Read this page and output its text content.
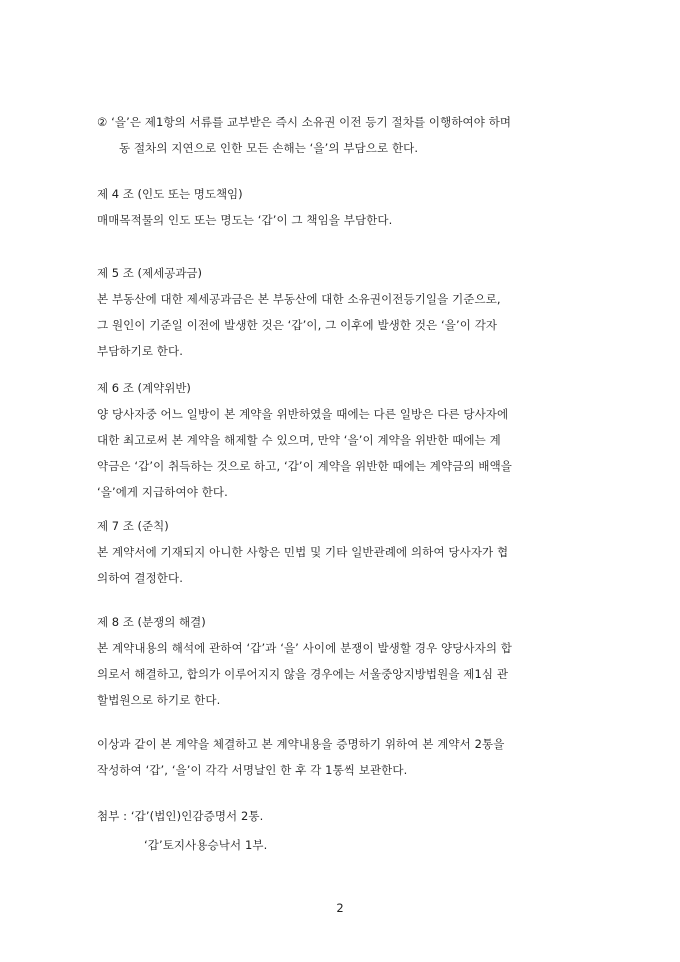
② ‘을’은 제1항의 서류를 교부받은 즉시 소유권 이전 등기 절차를 이행하여야 하며
동 절차의 지연으로 인한 모든 손해는 ‘을’의 부담으로 한다.
제 4 조 (인도 또는 명도책임)
매매목적물의 인도 또는 명도는 ‘갑’이 그 책임을 부담한다.
제 5 조 (제세공과금)
본 부동산에 대한 제세공과금은 본 부동산에 대한 소유권이전등기일을 기준으로,
그 원인이 기준일 이전에 발생한 것은 ‘갑’이, 그 이후에 발생한 것은 ‘을’이 각자
부담하기로 한다.
제 6 조 (계약위반)
양 당사자중 어느 일방이 본 계약을 위반하였을 때에는 다른 일방은 다른 당사자에
대한 최고로써 본 계약을 해제할 수 있으며, 만약 ‘을’이 계약을 위반한 때에는 계
약금은 ‘갑’이 취득하는 것으로 하고, ‘갑’이 계약을 위반한 때에는 계약금의 배액을
‘을’에게 지급하여야 한다.
제 7 조 (준칙)
본 계약서에 기재되지 아니한 사항은 민법 및 기타 일반관례에 의하여 당사자가 협
의하여 결정한다.
제 8 조 (분쟁의 해결)
본 계약내용의 해석에 관하여 ‘갑’과 ‘을’ 사이에 분쟁이 발생할 경우 양당사자의 합
의로서 해결하고, 합의가 이루어지지 않을 경우에는 서울중앙지방법원을 제1심 관
할법원으로 하기로 한다.
이상과 같이 본 계약을 체결하고 본 계약내용을 증명하기 위하여 본 계약서 2통을
작성하여 ‘갑’, ‘을’이 각각 서명날인 한 후 각 1통씩 보관한다.
첨부 : ‘갑’(법인)인감증명서 2통.
‘갑’토지사용승낙서 1부.
2
